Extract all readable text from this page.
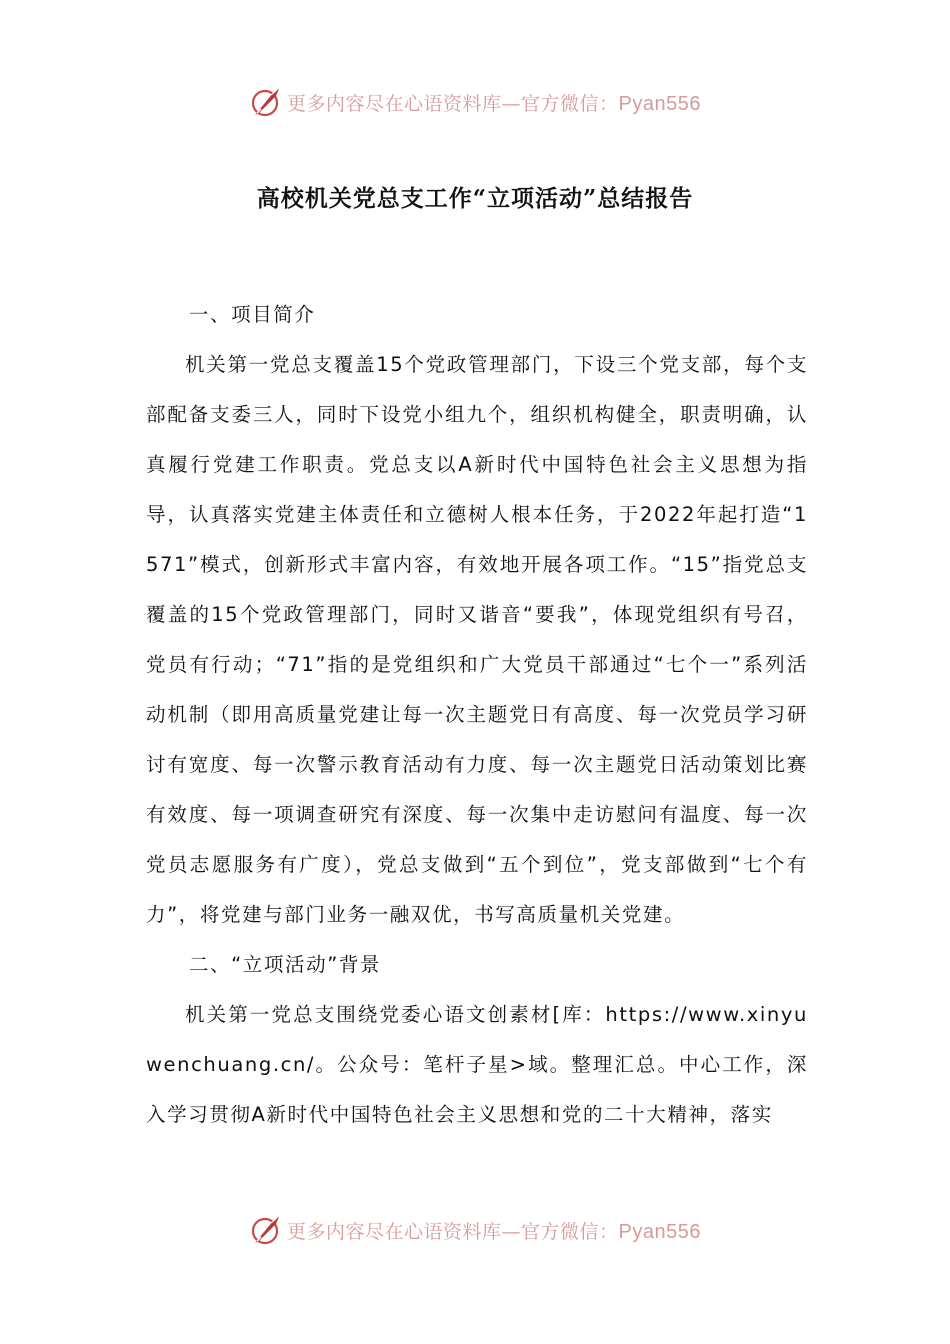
更多内容尽在心语资料库—官方微信：Pyan556
高校机关党总支工作“立项活动”总结报告

一、项目简介

机关第一党总支覆盖15个党政管理部门，下设三个党支部，每个支部配备支委三人，同时下设党小组九个，组织机构健全，职责明确，认真履行党建工作职责。党总支以A新时代中国特色社会主义思想为指导，认真落实党建主体责任和立德树人根本任务，于2022年起打造“1571”模式，创新形式丰富内容，有效地开展各项工作。“15”指党总支覆盖的15个党政管理部门，同时又谐音“要我”，体现党组织有号召，党员有行动；“71”指的是党组织和广大党员干部通过“七个一”系列活动机制（即用高质量党建让每一次主题党日有高度、每一次党员学习研讨有宽度、每一次警示教育活动有力度、每一次主题党日活动策划比赛有效度、每一项调查研究有深度、每一次集中走访慰问有温度、每一次党员志愿服务有广度），党总支做到“五个到位”，党支部做到“七个有力”，将党建与部门业务一融双优，书写高质量机关党建。

二、“立项活动”背景

机关第一党总支围绕党委心语文创素材[库：https://www.xinyuwenchuang.cn/。公众号：笔杆子星>域。整理汇总。中心工作，深入学习贯彻A新时代中国特色社会主义思想和党的二十大精神，落实

更多内容尽在心语资料库—官方微信：Pyan556
